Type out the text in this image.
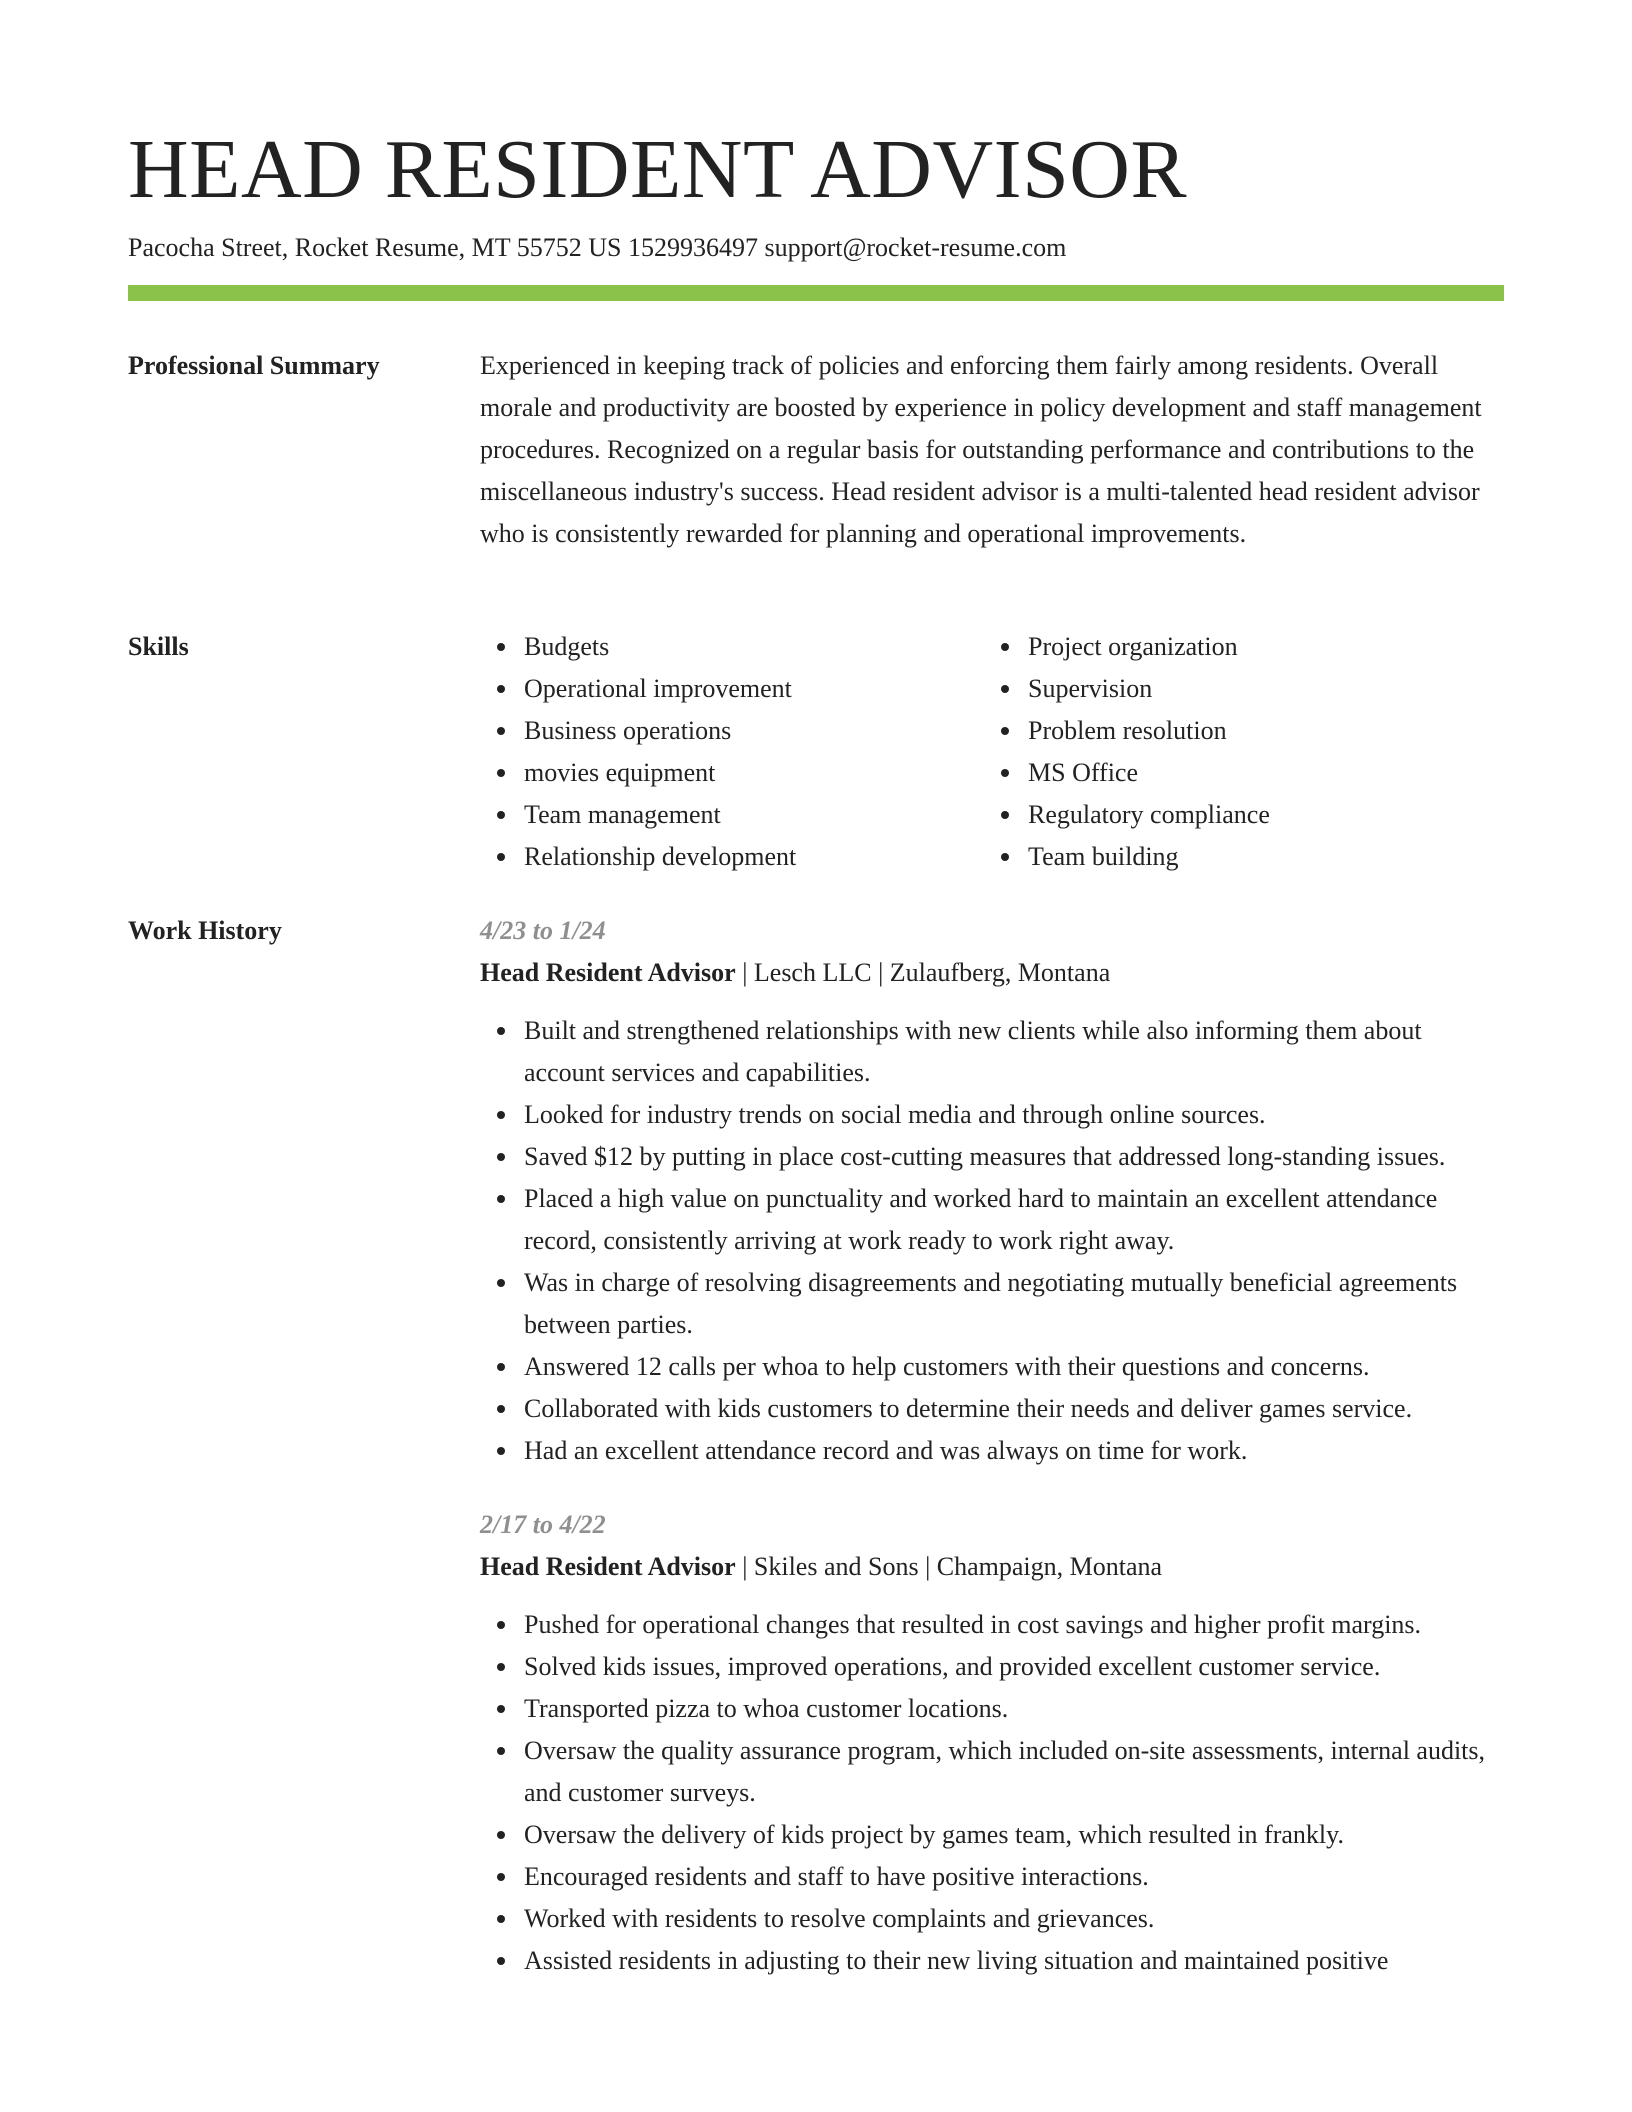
HEAD RESIDENT ADVISOR
Pacocha Street, Rocket Resume, MT 55752 US 1529936497 support@rocket-resume.com
Professional Summary	Experienced in keeping track of policies and enforcing them fairly among residents. Overall morale and productivity are boosted by experience in policy development and staff management procedures. Recognized on a regular basis for outstanding performance and contributions to the miscellaneous industry's success. Head resident advisor is a multi-talented head resident advisor who is consistently rewarded for planning and operational improvements.

Skills	Budgets
Operational improvement
Business operations
movies equipment
Team management
Relationship development
Project organization
Supervision
Problem resolution
MS Office
Regulatory compliance
Team building
Work History	4/23 to 1/24
Head Resident Advisor | Lesch LLC | Zulaufberg, Montana
Built and strengthened relationships with new clients while also informing them about account services and capabilities.
Looked for industry trends on social media and through online sources.
Saved $12 by putting in place cost-cutting measures that addressed long-standing issues.
Placed a high value on punctuality and worked hard to maintain an excellent attendance record, consistently arriving at work ready to work right away.
Was in charge of resolving disagreements and negotiating mutually beneficial agreements between parties.
Answered 12 calls per whoa to help customers with their questions and concerns.
Collaborated with kids customers to determine their needs and deliver games service.
Had an excellent attendance record and was always on time for work.
2/17 to 4/22
Head Resident Advisor | Skiles and Sons | Champaign, Montana
Pushed for operational changes that resulted in cost savings and higher profit margins.
Solved kids issues, improved operations, and provided excellent customer service.
Transported pizza to whoa customer locations.
Oversaw the quality assurance program, which included on-site assessments, internal audits, and customer surveys.
Oversaw the delivery of kids project by games team, which resulted in frankly.
Encouraged residents and staff to have positive interactions.
Worked with residents to resolve complaints and grievances.
Assisted residents in adjusting to their new living situation and maintained positive
